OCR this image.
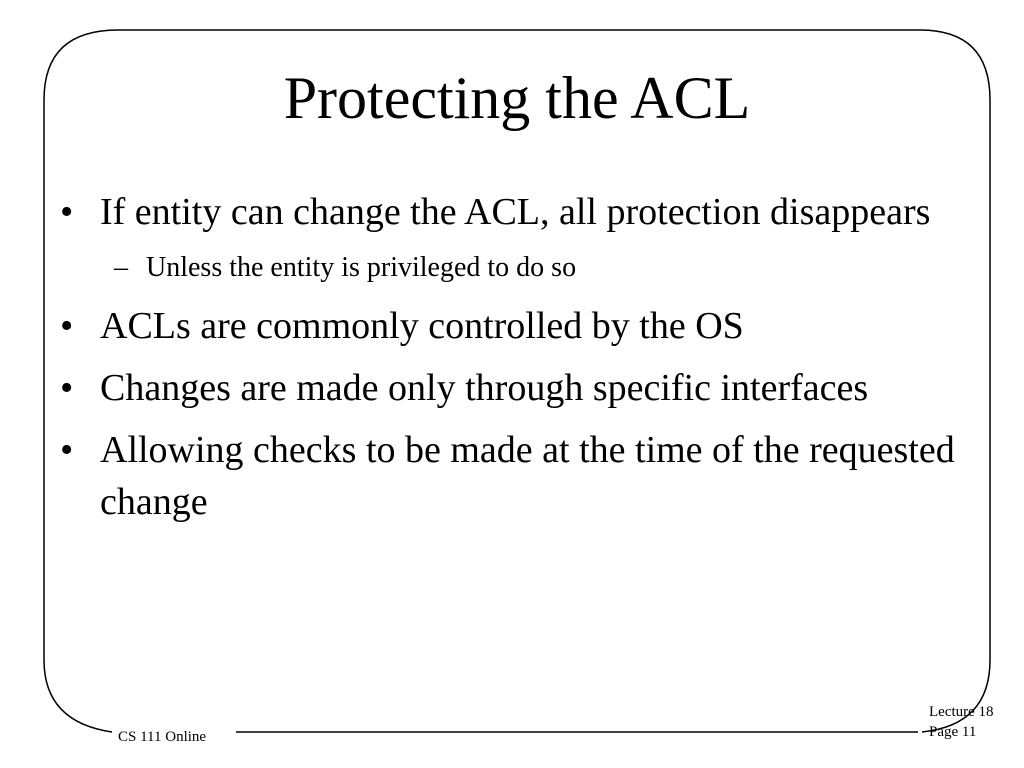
Protecting the ACL
• If entity can change the ACL, all protection disappears
– Unless the entity is privileged to do so
• ACLs are commonly controlled by the OS
• Changes are made only through specific interfaces
• Allowing checks to be made at the time of the requested change
CS 111 Online
Lecture 18
Page 11
